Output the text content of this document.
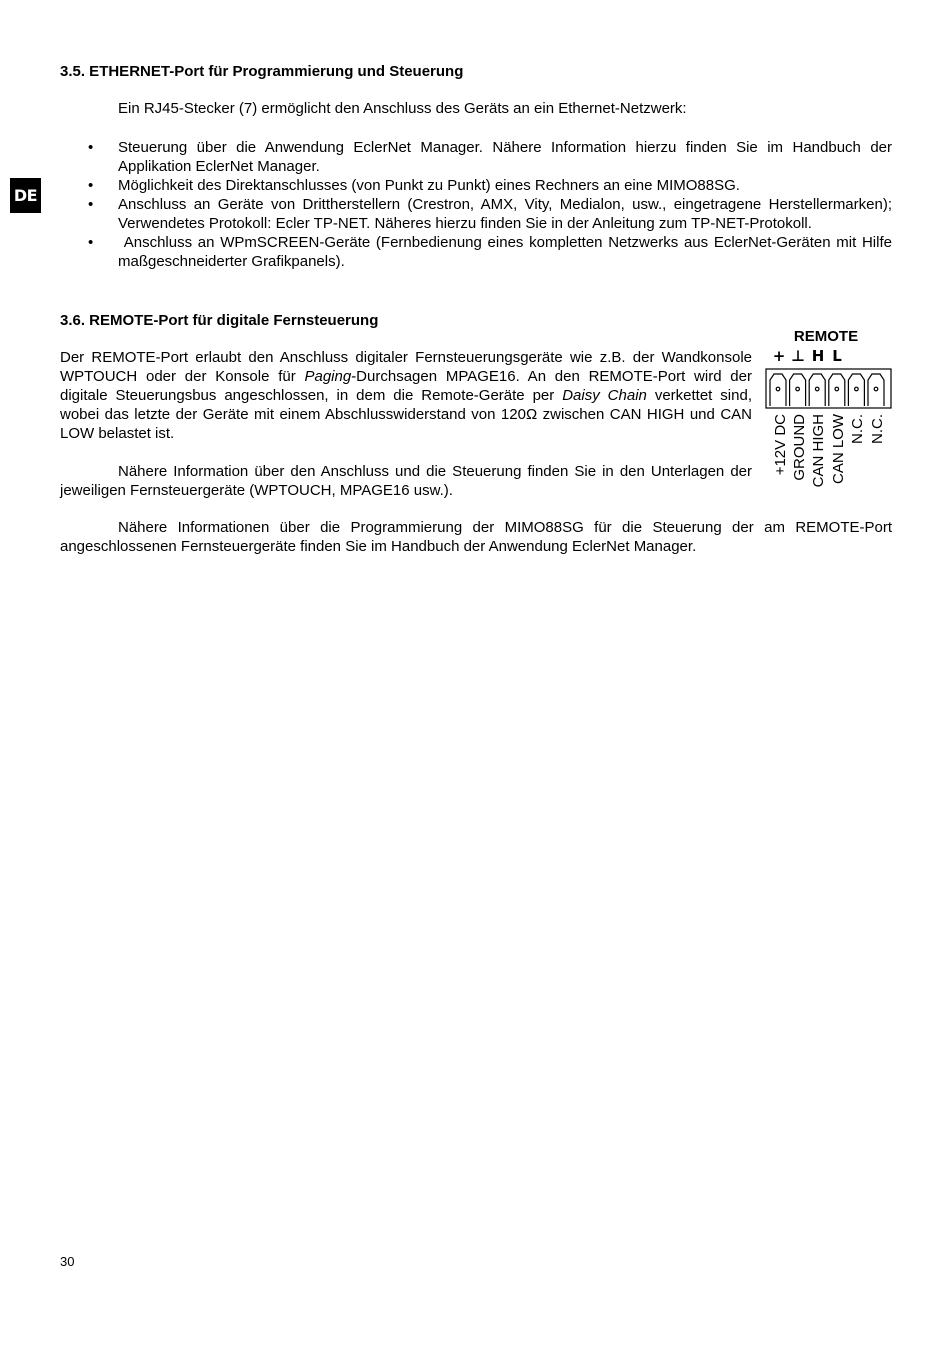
DE
3.5. ETHERNET-Port für Programmierung und Steuerung
Ein RJ45-Stecker (7) ermöglicht den Anschluss des Geräts an ein Ethernet-Netzwerk:
• Steuerung über die Anwendung EclerNet Manager. Nähere Information hierzu finden Sie im Handbuch der Applikation EclerNet Manager.
• Möglichkeit des Direktanschlusses (von Punkt zu Punkt) eines Rechners an eine MIMO88SG.
• Anschluss an Geräte von Drittherstellern (Crestron, AMX, Vity, Medialon, usw., eingetragene Herstellermarken); Verwendetes Protokoll: Ecler TP-NET. Näheres hierzu finden Sie in der Anleitung zum TP-NET-Protokoll.
• Anschluss an WPmSCREEN-Geräte (Fernbedienung eines kompletten Netzwerks aus EclerNet-Geräten mit Hilfe maßgeschneiderter Grafikpanels).
3.6. REMOTE-Port für digitale Fernsteuerung
Der REMOTE-Port erlaubt den Anschluss digitaler Fernsteuerungsgeräte wie z.B. der Wandkonsole WPTOUCH oder der Konsole für Paging-Durchsagen MPAGE16. An den REMOTE-Port wird der digitale Steuerungsbus angeschlossen, in dem die Remote-Geräte per Daisy Chain verkettet sind, wobei das letzte der Geräte mit einem Abschlusswiderstand von 120Ω zwischen CAN HIGH und CAN LOW belastet ist.
Nähere Information über den Anschluss und die Steuerung finden Sie in den Unterlagen der jeweiligen Fernsteuergeräte (WPTOUCH, MPAGE16 usw.).
Nähere Informationen über die Programmierung der MIMO88SG für die Steuerung der am REMOTE-Port angeschlossenen Fernsteuergeräte finden Sie im Handbuch der Anwendung EclerNet Manager.
REMOTE
+ ⊥ H L
+12V DC GROUND CAN HIGH CAN LOW N.C. N.C.
30
